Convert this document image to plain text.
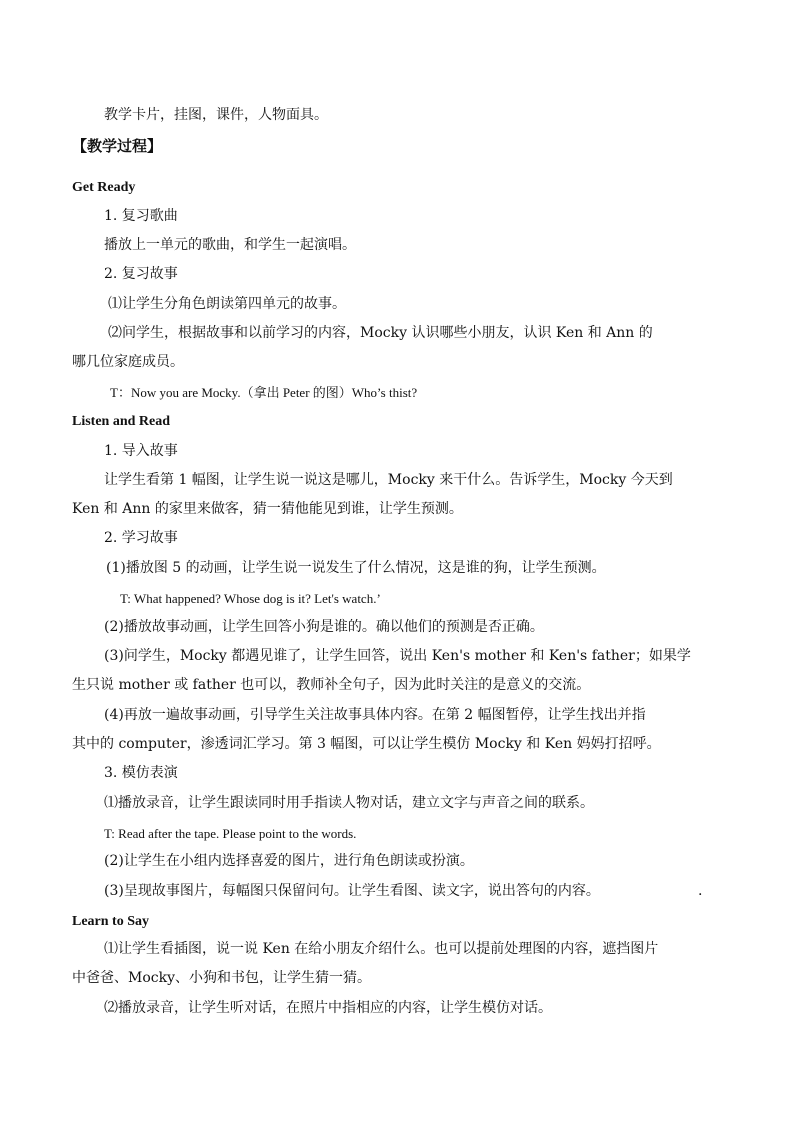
教学卡片，挂图，课件，人物面具。
【教学过程】
Get Ready
1. 复习歌曲
播放上一单元的歌曲，和学生一起演唱。
2. 复习故事
⑴让学生分角色朗读第四单元的故事。
⑵问学生，根据故事和以前学习的内容，Mocky 认识哪些小朋友，认识 Ken 和 Ann 的
哪几位家庭成员。
T：Now you are Mocky.（拿出 Peter 的图）Who’s thist?
Listen and Read
1. 导入故事
让学生看第 1 幅图，让学生说一说这是哪儿，Mocky 来干什么。告诉学生，Mocky 今天到
Ken 和 Ann 的家里来做客，猜一猜他能见到谁，让学生预测。
2. 学习故事
(1)播放图 5 的动画，让学生说一说发生了什么情况，这是谁的狗，让学生预测。
T: What happened? Whose dog is it? Let's watch.’
(2)播放故事动画，让学生回答小狗是谁的。确以他们的预测是否正确。
(3)问学生，Mocky 都遇见谁了，让学生回答，说出 Ken's mother 和 Ken's father；如果学
生只说 mother 或 father 也可以，教师补全句子，因为此时关注的是意义的交流。
(4)再放一遍故事动画，引导学生关注故事具体内容。在第 2 幅图暂停，让学生找出并指
其中的 computer，渗透词汇学习。第 3 幅图，可以让学生模仿 Mocky 和 Ken 妈妈打招呼。
3. 模仿表演
⑴播放录音，让学生跟读同时用手指读人物对话，建立文字与声音之间的联系。
T: Read after the tape. Please point to the words.
(2)让学生在小组内选择喜爱的图片，进行角色朗读或扮演。
(3)呈现故事图片，每幅图只保留问句。让学生看图、读文字，说出答句的内容。	.
Learn to Say
⑴让学生看插图，说一说 Ken 在给小朋友介绍什么。也可以提前处理图的内容，遮挡图片
中爸爸、Mocky、小狗和书包，让学生猜一猜。
⑵播放录音，让学生听对话，在照片中指相应的内容，让学生模仿对话。
